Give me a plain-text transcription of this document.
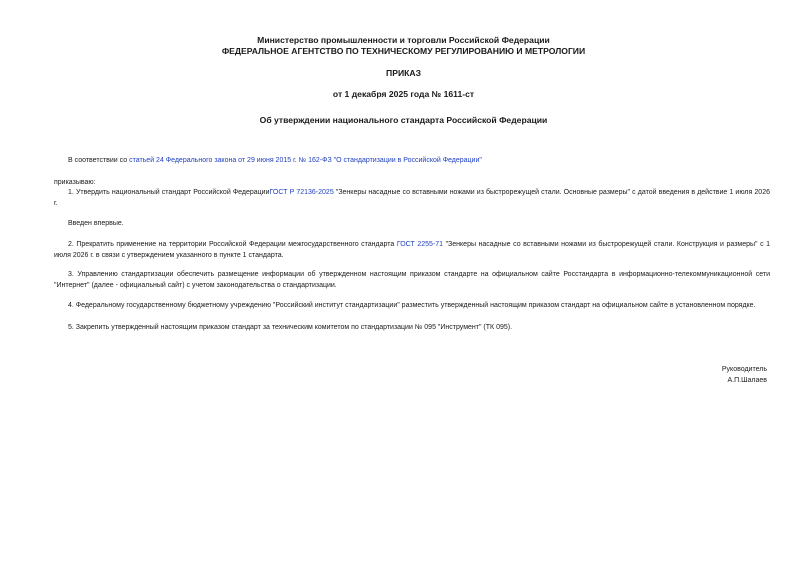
Министерство промышленности и торговли Российской Федерации
ФЕДЕРАЛЬНОЕ АГЕНТСТВО ПО ТЕХНИЧЕСКОМУ РЕГУЛИРОВАНИЮ И МЕТРОЛОГИИ
ПРИКАЗ
от 1 декабря 2025 года № 1611-ст
Об утверждении национального стандарта Российской Федерации
В соответствии со статьей 24 Федерального закона от 29 июня 2015 г. № 162-ФЗ "О стандартизации в Российской Федерации"
приказываю:
1. Утвердить национальный стандарт Российской ФедерацииГОСТ Р 72136-2025 "Зенкеры насадные со вставными ножами из быстрорежущей стали. Основные размеры" с датой введения в действие 1 июля 2026 г.
Введен впервые.
2. Прекратить применение на территории Российской Федерации межгосударственного стандарта ГОСТ 2255-71 "Зенкеры насадные со вставными ножами из быстрорежущей стали. Конструкция и размеры" с 1 июля 2026 г. в связи с утверждением указанного в пункте 1 стандарта.
3. Управлению стандартизации обеспечить размещение информации об утвержденном настоящим приказом стандарте на официальном сайте Росстандарта в информационно-телекоммуникационной сети "Интернет" (далее - официальный сайт) с учетом законодательства о стандартизации.
4. Федеральному государственному бюджетному учреждению "Российский институт стандартизации" разместить утвержденный настоящим приказом стандарт на официальном сайте в установленном порядке.
5. Закрепить утвержденный настоящим приказом стандарт за техническим комитетом по стандартизации № 095 "Инструмент" (ТК 095).
Руководитель
А.П.Шалаев
